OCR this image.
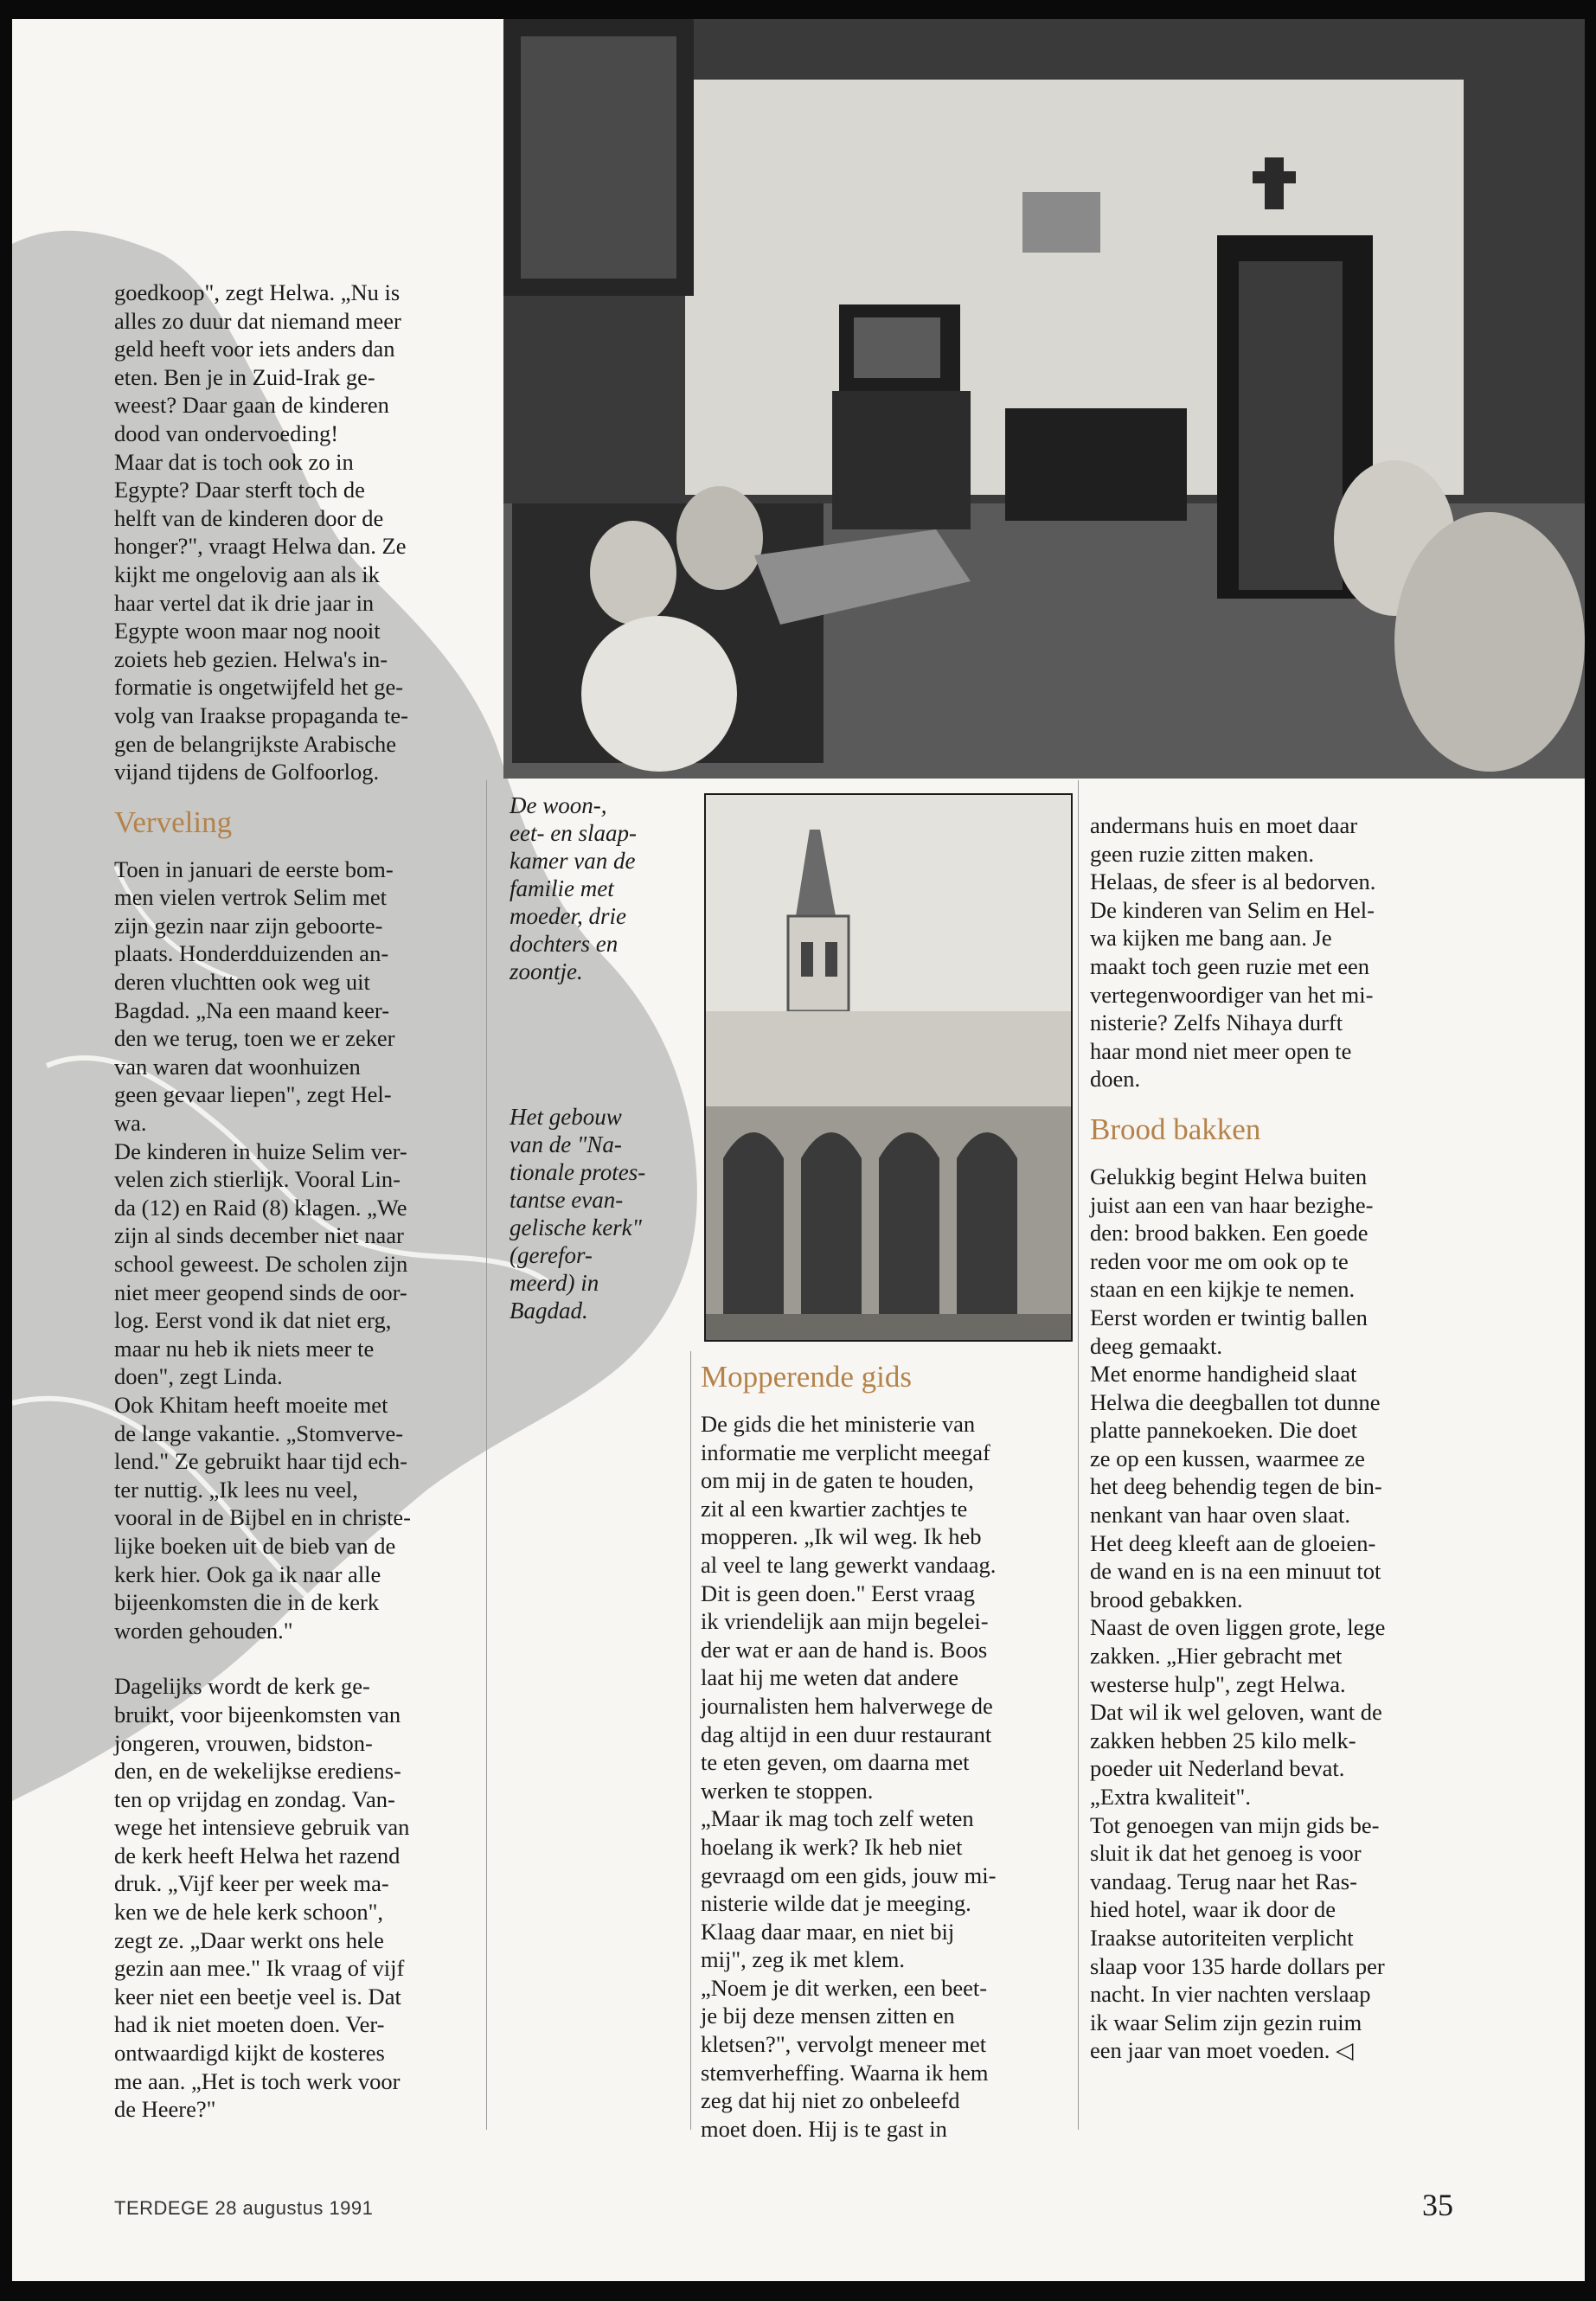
De woon-,
eet- en slaap-
kamer van de
familie met
moeder, drie
dochters en
zoontje.
Het gebouw
van de "Na-
tionale protes-
tantse evan-
gelische kerk"
(gerefor-
meerd) in
Bagdad.

goedkoop", zegt Helwa. „Nu is
alles zo duur dat niemand meer
geld heeft voor iets anders dan
eten. Ben je in Zuid-Irak ge-
weest? Daar gaan de kinderen
dood van ondervoeding!
Maar dat is toch ook zo in
Egypte? Daar sterft toch de
helft van de kinderen door de
honger?", vraagt Helwa dan. Ze
kijkt me ongelovig aan als ik
haar vertel dat ik drie jaar in
Egypte woon maar nog nooit
zoiets heb gezien. Helwa's in-
formatie is ongetwijfeld het ge-
volg van Iraakse propaganda te-
gen de belangrijkste Arabische
vijand tijdens de Golfoorlog.

Verveling

Toen in januari de eerste bom-
men vielen vertrok Selim met
zijn gezin naar zijn geboorte-
plaats. Honderdduizenden an-
deren vluchtten ook weg uit
Bagdad. „Na een maand keer-
den we terug, toen we er zeker
van waren dat woonhuizen
geen gevaar liepen", zegt Hel-
wa.

De kinderen in huize Selim ver-
velen zich stierlijk. Vooral Lin-
da (12) en Raid (8) klagen. „We
zijn al sinds december niet naar
school geweest. De scholen zijn
niet meer geopend sinds de oor-
log. Eerst vond ik dat niet erg,
maar nu heb ik niets meer te
doen", zegt Linda.

Ook Khitam heeft moeite met
de lange vakantie. „Stomverve-
lend." Ze gebruikt haar tijd ech-
ter nuttig. „Ik lees nu veel,
vooral in de Bijbel en in christe-
lijke boeken uit de bieb van de
kerk hier. Ook ga ik naar alle
bijeenkomsten die in de kerk
worden gehouden."

Dagelijks wordt de kerk ge-
bruikt, voor bijeenkomsten van
jongeren, vrouwen, bidston-
den, en de wekelijkse erediens-
ten op vrijdag en zondag. Van-
wege het intensieve gebruik van
de kerk heeft Helwa het razend
druk. „Vijf keer per week ma-
ken we de hele kerk schoon",
zegt ze. „Daar werkt ons hele
gezin aan mee." Ik vraag of vijf
keer niet een beetje veel is. Dat
had ik niet moeten doen. Ver-
ontwaardigd kijkt de kosteres
me aan. „Het is toch werk voor
de Heere?"

Mopperende gids

De gids die het ministerie van
informatie me verplicht meegaf
om mij in de gaten te houden,
zit al een kwartier zachtjes te
mopperen. „Ik wil weg. Ik heb
al veel te lang gewerkt vandaag.
Dit is geen doen." Eerst vraag
ik vriendelijk aan mijn begelei-
der wat er aan de hand is. Boos
laat hij me weten dat andere
journalisten hem halverwege de
dag altijd in een duur restaurant
te eten geven, om daarna met
werken te stoppen.

„Maar ik mag toch zelf weten
hoelang ik werk? Ik heb niet
gevraagd om een gids, jouw mi-
nisterie wilde dat je meeging.
Klaag daar maar, en niet bij
mij", zeg ik met klem.

„Noem je dit werken, een beet-
je bij deze mensen zitten en
kletsen?", vervolgt meneer met
stemverheffing. Waarna ik hem
zeg dat hij niet zo onbeleefd
moet doen. Hij is te gast in

andermans huis en moet daar
geen ruzie zitten maken.
Helaas, de sfeer is al bedorven.
De kinderen van Selim en Hel-
wa kijken me bang aan. Je
maakt toch geen ruzie met een
vertegenwoordiger van het mi-
nisterie? Zelfs Nihaya durft
haar mond niet meer open te
doen.

Brood bakken

Gelukkig begint Helwa buiten
juist aan een van haar bezighe-
den: brood bakken. Een goede
reden voor me om ook op te
staan en een kijkje te nemen.
Eerst worden er twintig ballen
deeg gemaakt.

Met enorme handigheid slaat
Helwa die deegballen tot dunne
platte pannekoeken. Die doet
ze op een kussen, waarmee ze
het deeg behendig tegen de bin-
nenkant van haar oven slaat.
Het deeg kleeft aan de gloeien-
de wand en is na een minuut tot
brood gebakken.

Naast de oven liggen grote, lege
zakken. „Hier gebracht met
westerse hulp", zegt Helwa.
Dat wil ik wel geloven, want de
zakken hebben 25 kilo melk-
poeder uit Nederland bevat.
„Extra kwaliteit".

Tot genoegen van mijn gids be-
sluit ik dat het genoeg is voor
vandaag. Terug naar het Ras-
hied hotel, waar ik door de
Iraakse autoriteiten verplicht
slaap voor 135 harde dollars per
nacht. In vier nachten verslaap
ik waar Selim zijn gezin ruim
een jaar van moet voeden. ◁

TERDEGE 28 augustus 1991	35
